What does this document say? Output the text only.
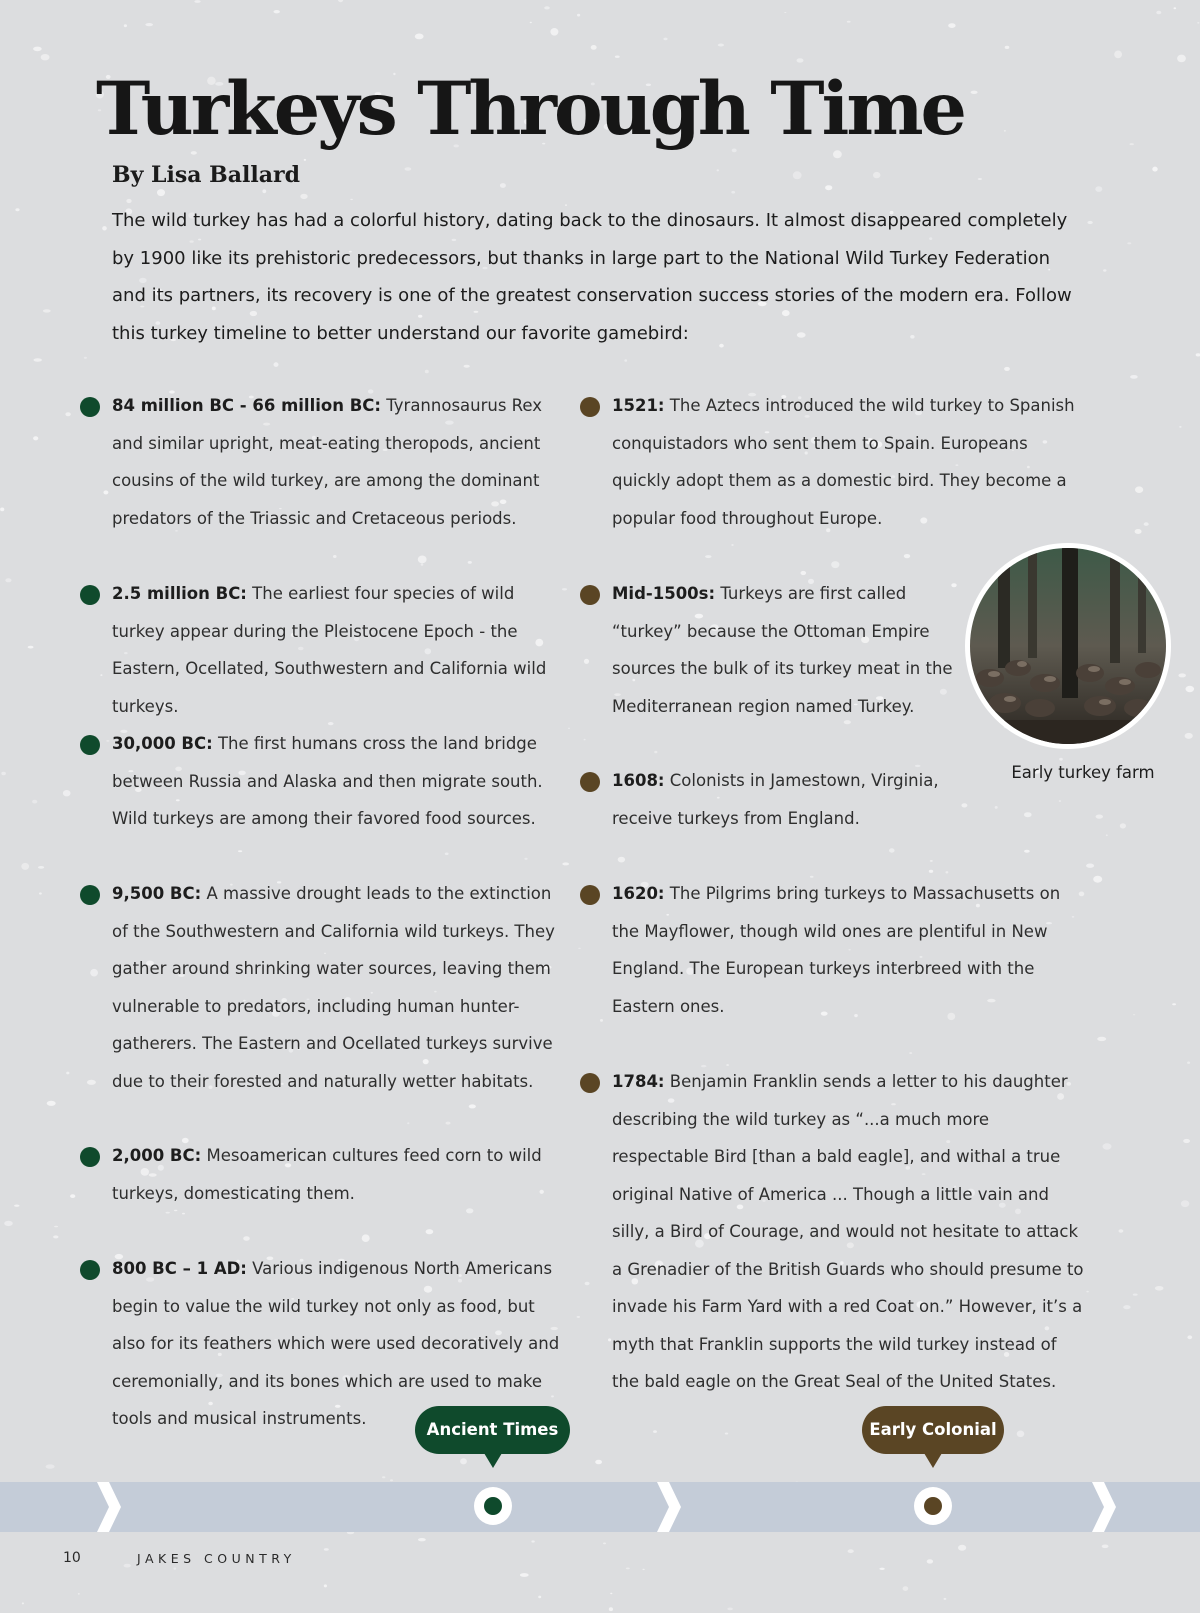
Turkeys Through Time

By Lisa Ballard

The wild turkey has had a colorful history, dating back to the dinosaurs. It almost disappeared completely by 1900 like its prehistoric predecessors, but thanks in large part to the National Wild Turkey Federation and its partners, its recovery is one of the greatest conservation success stories of the modern era. Follow this turkey timeline to better understand our favorite gamebird:

84 million BC - 66 million BC: Tyrannosaurus Rex and similar upright, meat-eating theropods, ancient cousins of the wild turkey, are among the dominant predators of the Triassic and Cretaceous periods.
2.5 million BC: The earliest four species of wild turkey appear during the Pleistocene Epoch - the Eastern, Ocellated, Southwestern and California wild turkeys.
30,000 BC: The first humans cross the land bridge between Russia and Alaska and then migrate south. Wild turkeys are among their favored food sources.
9,500 BC: A massive drought leads to the extinction of the Southwestern and California wild turkeys. They gather around shrinking water sources, leaving them vulnerable to predators, including human hunter-gatherers. The Eastern and Ocellated turkeys survive due to their forested and naturally wetter habitats.
2,000 BC: Mesoamerican cultures feed corn to wild turkeys, domesticating them.
800 BC – 1 AD: Various indigenous North Americans begin to value the wild turkey not only as food, but also for its feathers which were used decoratively and ceremonially, and its bones which are used to make tools and musical instruments.
1521: The Aztecs introduced the wild turkey to Spanish conquistadors who sent them to Spain. Europeans quickly adopt them as a domestic bird. They become a popular food throughout Europe.
Mid-1500s: Turkeys are first called “turkey” because the Ottoman Empire sources the bulk of its turkey meat in the Mediterranean region named Turkey.
1608: Colonists in Jamestown, Virginia, receive turkeys from England.
1620: The Pilgrims bring turkeys to Massachusetts on the Mayflower, though wild ones are plentiful in New England. The European turkeys interbreed with the Eastern ones.
1784: Benjamin Franklin sends a letter to his daughter describing the wild turkey as “...a much more respectable Bird [than a bald eagle], and withal a true original Native of America ... Though a little vain and silly, a Bird of Courage, and would not hesitate to attack a Grenadier of the British Guards who should presume to invade his Farm Yard with a red Coat on.” However, it’s a myth that Franklin supports the wild turkey instead of the bald eagle on the Great Seal of the United States.

Early turkey farm

Ancient Times	Early Colonial

10	JAKES COUNTRY
